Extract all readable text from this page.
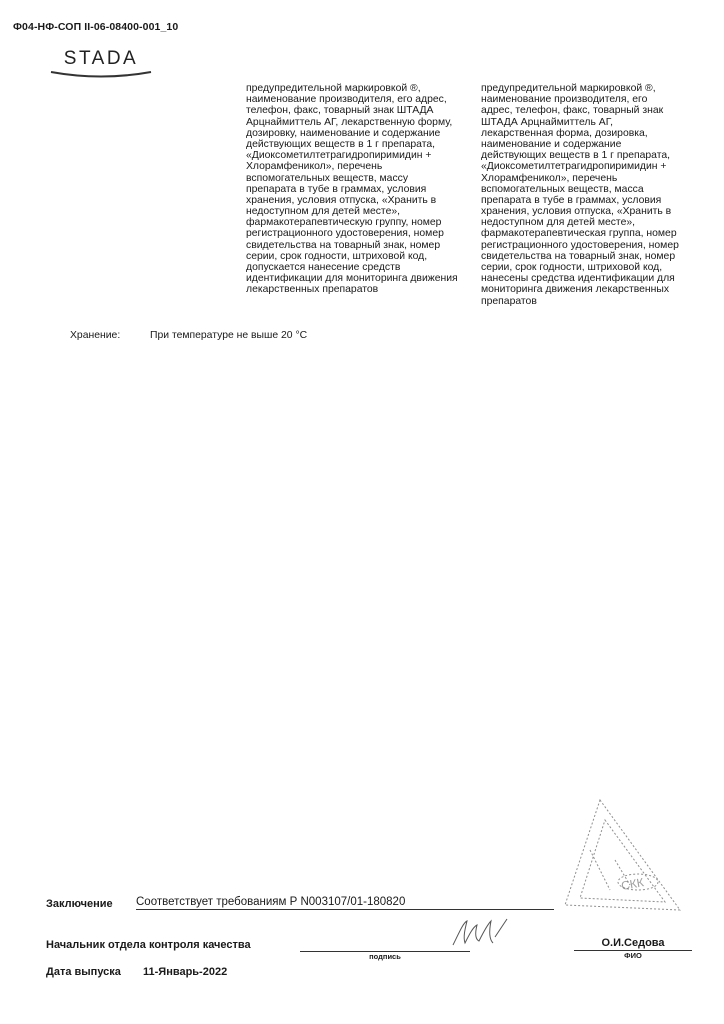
Ф04-НФ-СОП II-06-08400-001_10
STADA
предупредительной маркировкой ®,
наименование производителя, его адрес,
телефон, факс, товарный знак ШТАДА
Арцнаймиттель АГ, лекарственную форму,
дозировку, наименование и содержание
действующих веществ в 1 г препарата,
«Диоксометилтетрагидропиримидин +
Хлорамфеникол», перечень
вспомогательных веществ, массу
препарата в тубе в граммах, условия
хранения, условия отпуска, «Хранить в
недоступном для детей месте»,
фармакотерапевтическую группу, номер
регистрационного удостоверения, номер
свидетельства на товарный знак, номер
серии, срок годности, штриховой код,
допускается нанесение средств
идентификации для мониторинга движения
лекарственных препаратов
предупредительной маркировкой ®,
наименование производителя, его
адрес, телефон, факс, товарный знак
ШТАДА Арцнаймиттель АГ,
лекарственная форма, дозировка,
наименование и содержание
действующих веществ в 1 г препарата,
«Диоксометилтетрагидропиримидин +
Хлорамфеникол», перечень
вспомогательных веществ, масса
препарата в тубе в граммах, условия
хранения, условия отпуска, «Хранить в
недоступном для детей месте»,
фармакотерапевтическая группа, номер
регистрационного удостоверения, номер
свидетельства на товарный знак, номер
серии, срок годности, штриховой код,
нанесены средства идентификации для
мониторинга движения лекарственных
препаратов
Хранение:	При температуре не выше 20 °С
СКК
Заключение Соответствует требованиям Р N003107/01-180820
Начальник отдела контроля качества
подпись
О.И.Седова
ФИО
Дата выпуска 11-Январь-2022
